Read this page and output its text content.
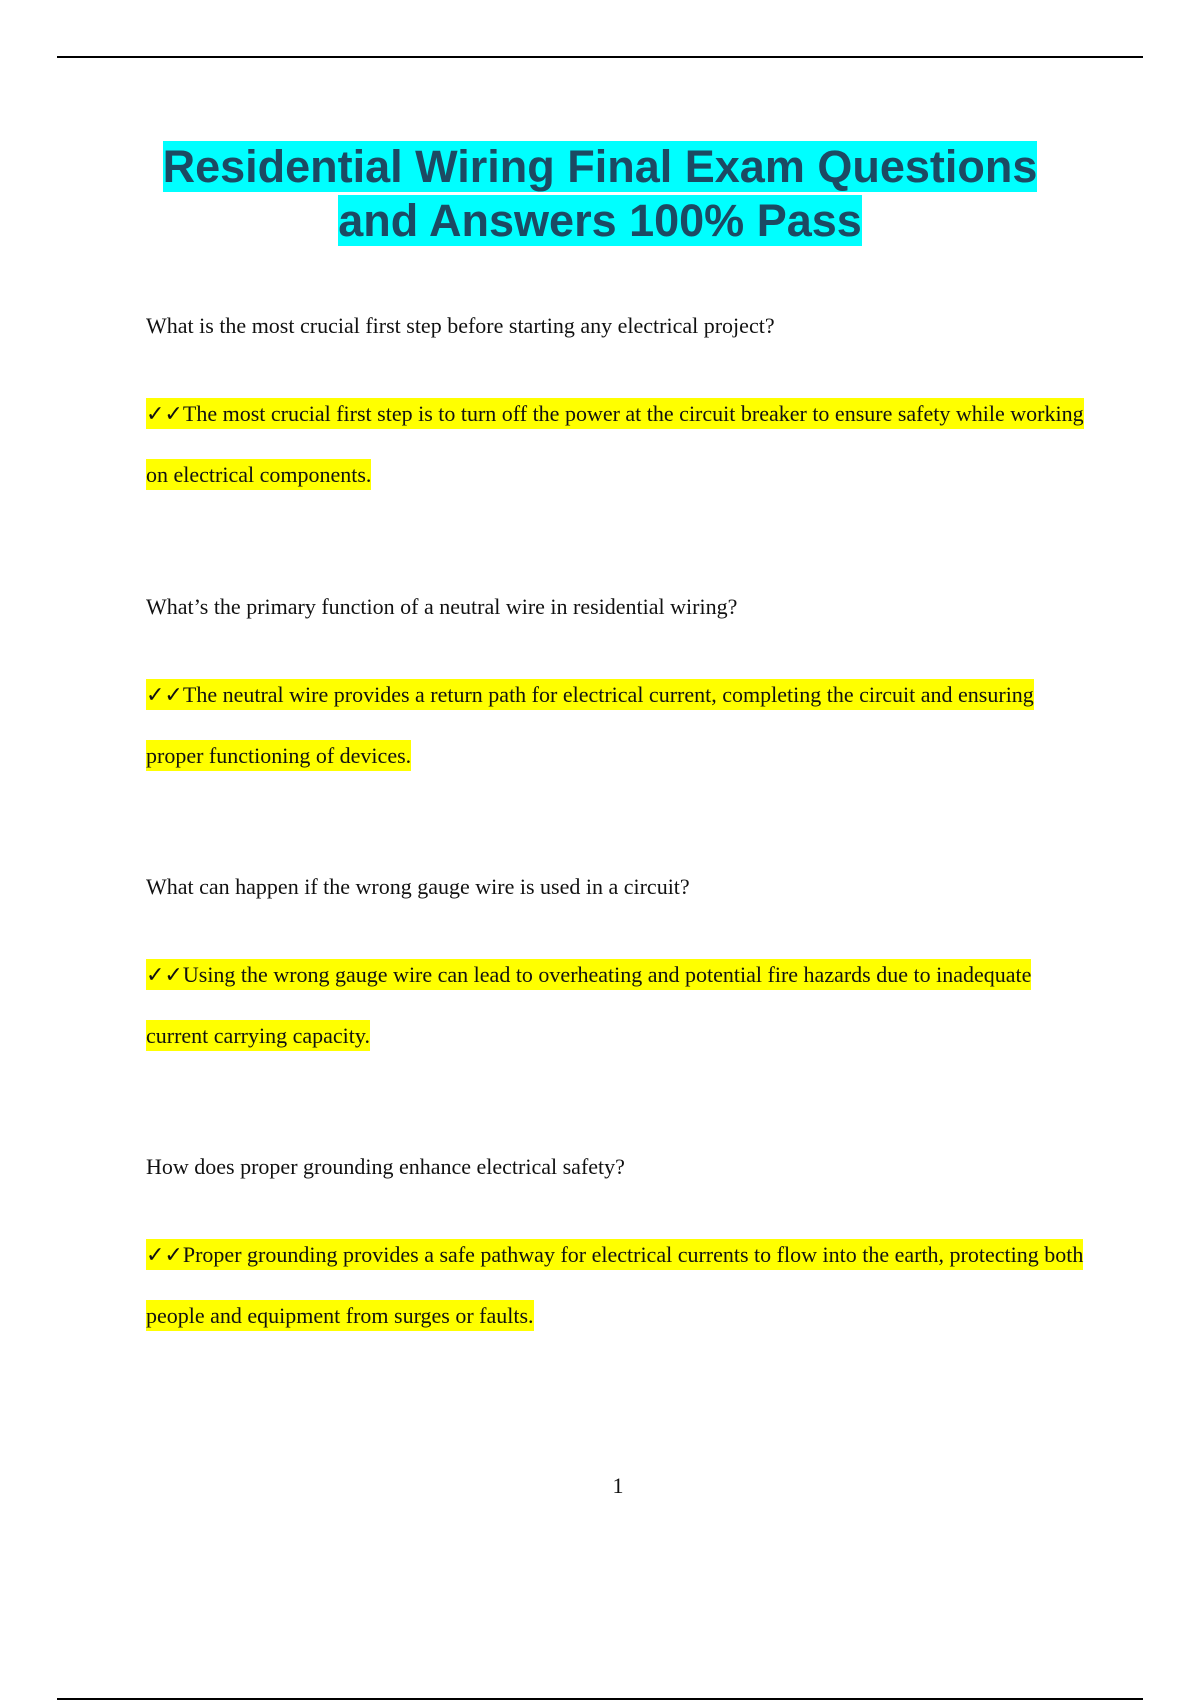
Residential Wiring Final Exam Questions
and Answers 100% Pass

What is the most crucial first step before starting any electrical project?

✓✓The most crucial first step is to turn off the power at the circuit breaker to ensure safety while working on electrical components.

What’s the primary function of a neutral wire in residential wiring?

✓✓The neutral wire provides a return path for electrical current, completing the circuit and ensuring proper functioning of devices.

What can happen if the wrong gauge wire is used in a circuit?

✓✓Using the wrong gauge wire can lead to overheating and potential fire hazards due to inadequate current carrying capacity.

How does proper grounding enhance electrical safety?

✓✓Proper grounding provides a safe pathway for electrical currents to flow into the earth, protecting both people and equipment from surges or faults.

1
